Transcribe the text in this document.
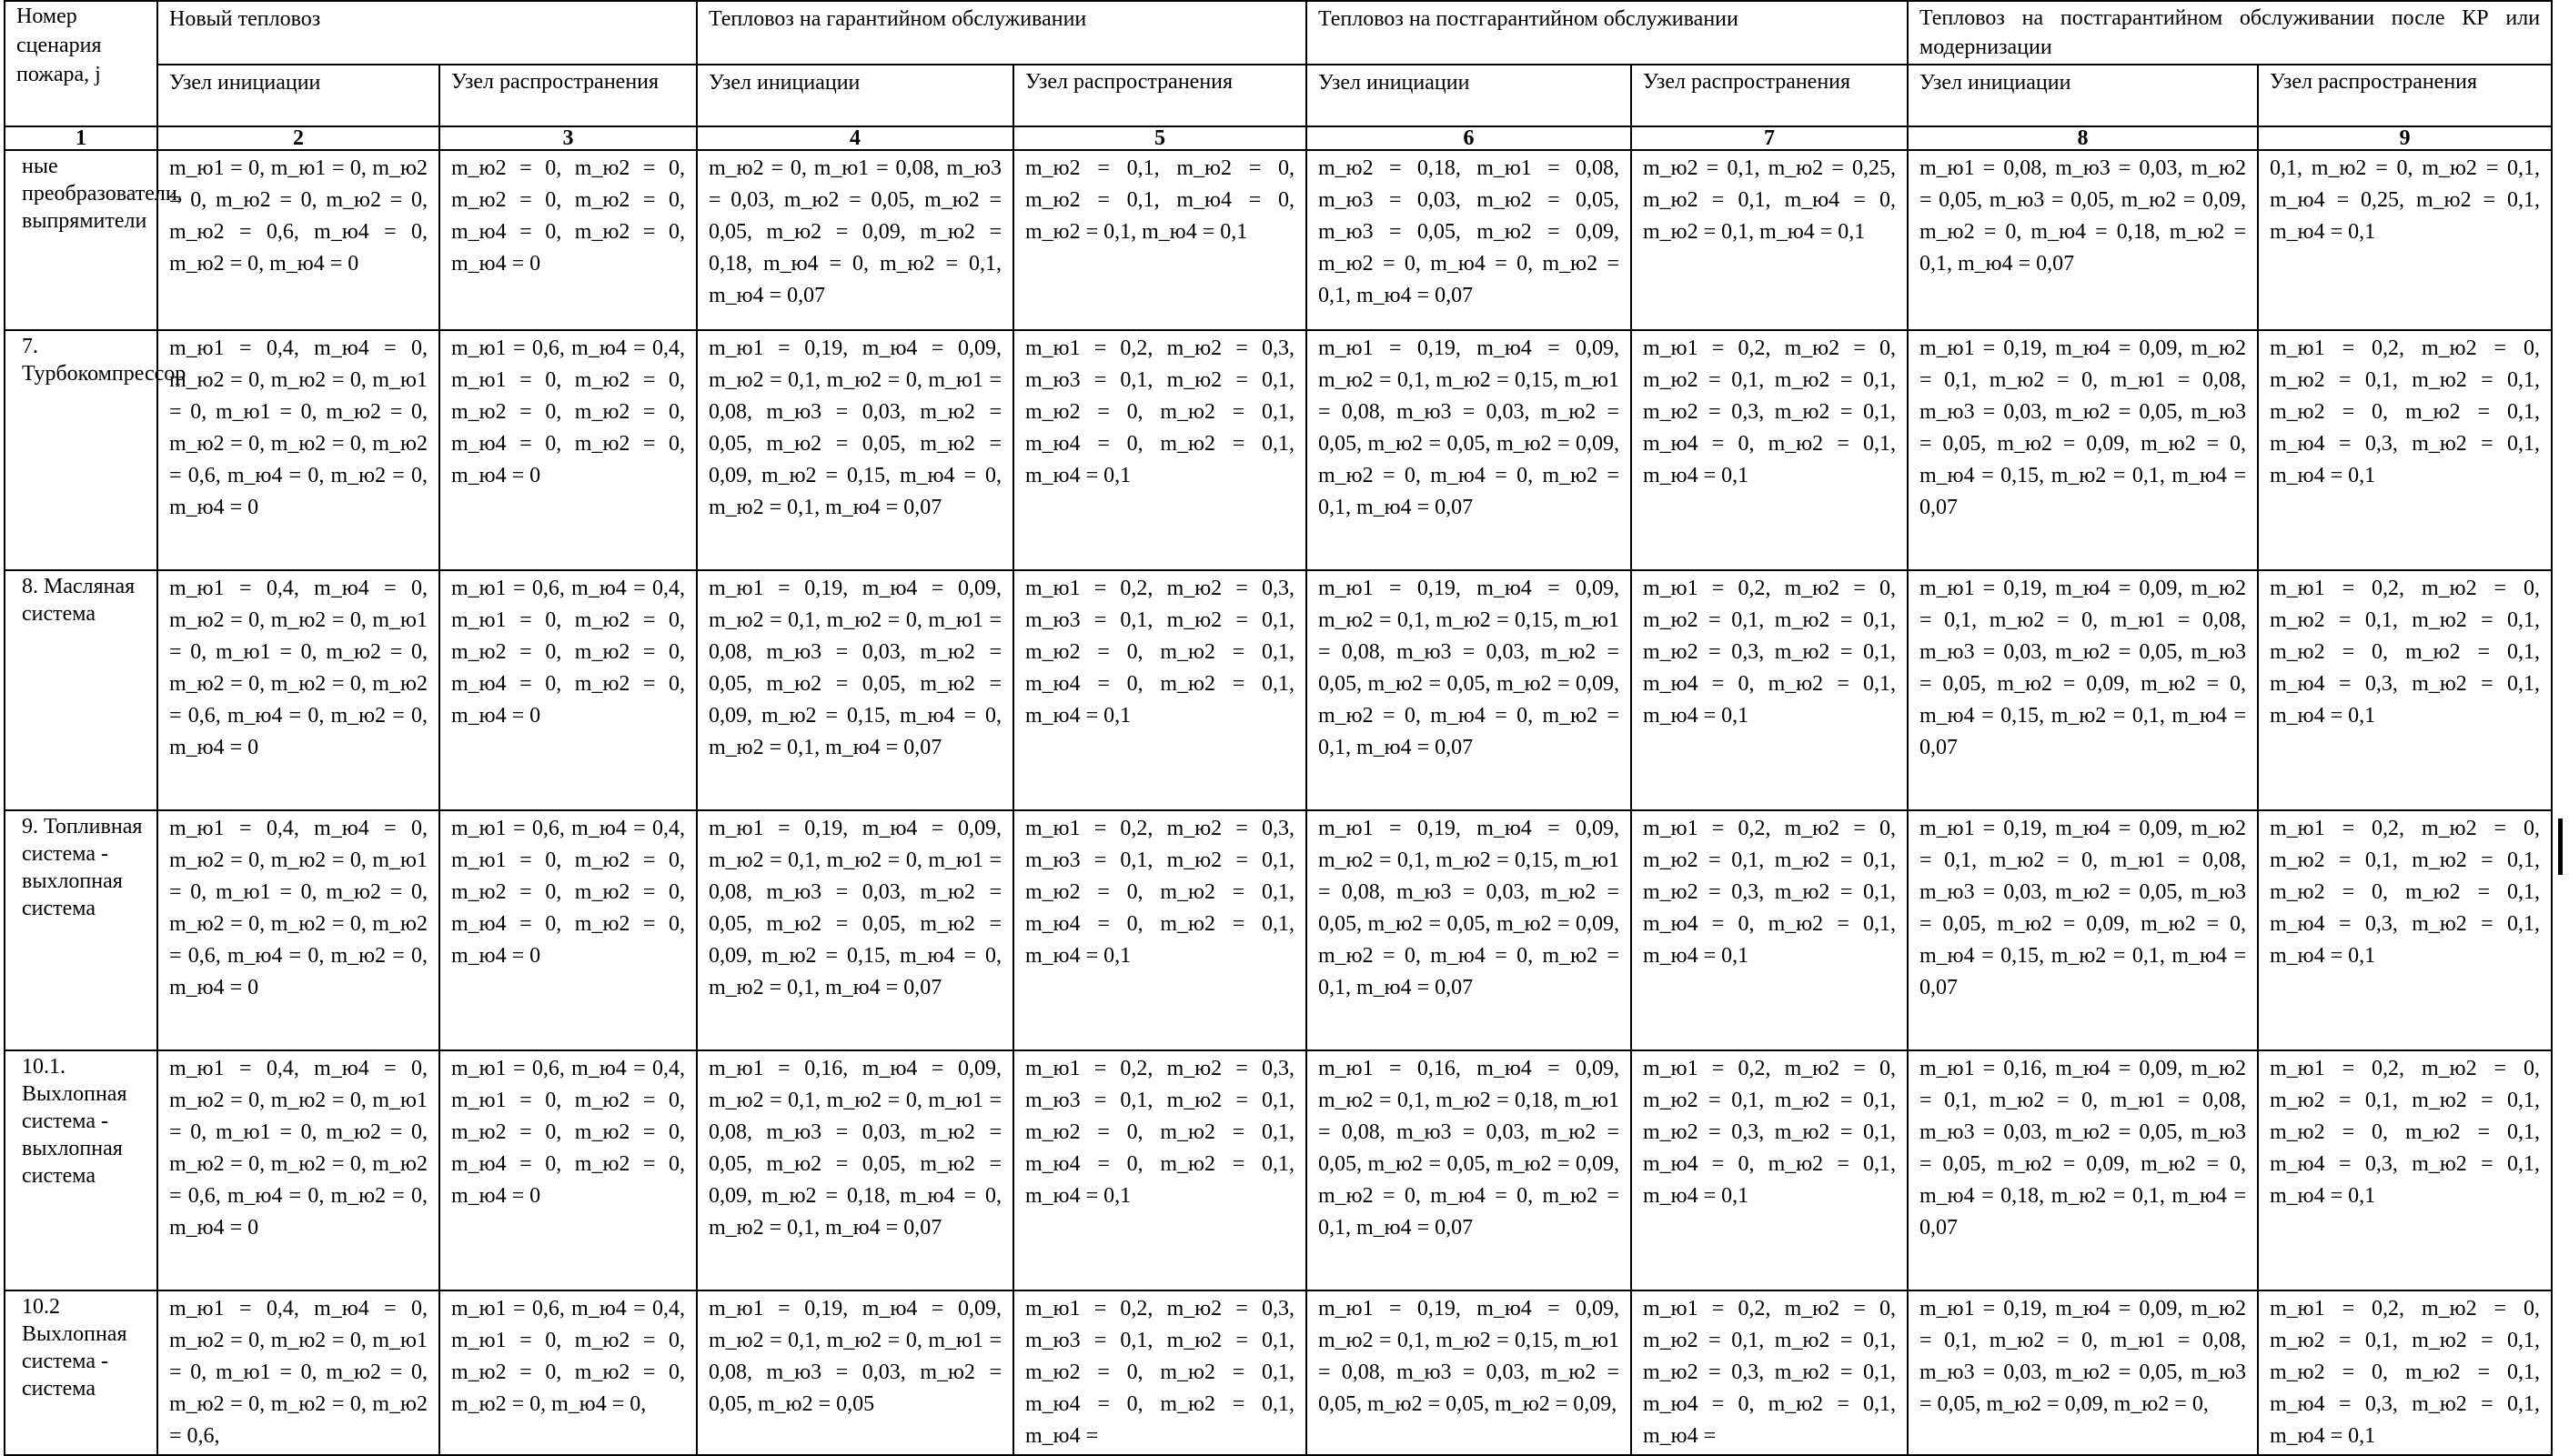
Номер сценария пожара, j	Новый тепловоз		Тепловоз на гарантийном обслуживании		Тепловоз на постгарантийном обслуживании		Тепловоз на постгарантийном обслуживании после КР или модернизации	
	Узел инициации	Узел распространения	Узел инициации	Узел распространения	Узел инициации	Узел распространения	Узел инициации	Узел распространения
1	2	3	4	5	6	7	8	9
ные преобразователи, выпрямители	m_ю1 = 0, m_ю1 = 0, m_ю2 = 0, m_ю2 = 0, m_ю2 = 0, m_ю2 = 0,6, m_ю4 = 0, m_ю2 = 0, m_ю4 = 0	m_ю2 = 0, m_ю2 = 0, m_ю2 = 0, m_ю2 = 0, m_ю4 = 0, m_ю2 = 0, m_ю4 = 0	m_ю2 = 0, m_ю1 = 0,08, m_ю3 = 0,03, m_ю2 = 0,05, m_ю2 = 0,05, m_ю2 = 0,09, m_ю2 = 0,18, m_ю4 = 0, m_ю2 = 0,1, m_ю4 = 0,07	m_ю2 = 0,1, m_ю2 = 0, m_ю2 = 0,1, m_ю4 = 0, m_ю2 = 0,1, m_ю4 = 0,1	m_ю2 = 0,18, m_ю1 = 0,08, m_ю3 = 0,03, m_ю2 = 0,05, m_ю3 = 0,05, m_ю2 = 0,09, m_ю2 = 0, m_ю4 = 0, m_ю2 = 0,1, m_ю4 = 0,07	m_ю2 = 0,1, m_ю2 = 0,25, m_ю2 = 0,1, m_ю4 = 0, m_ю2 = 0,1, m_ю4 = 0,1	m_ю1 = 0,08, m_ю3 = 0,03, m_ю2 = 0,05, m_ю3 = 0,05, m_ю2 = 0,09, m_ю2 = 0, m_ю4 = 0,18, m_ю2 = 0,1, m_ю4 = 0,07	0,1, m_ю2 = 0, m_ю2 = 0,1, m_ю4 = 0,25, m_ю2 = 0,1, m_ю4 = 0,1
7. Турбокомпрессор	m_ю1 = 0,4, m_ю4 = 0, m_ю2 = 0, m_ю2 = 0, m_ю1 = 0, m_ю1 = 0, m_ю2 = 0, m_ю2 = 0, m_ю2 = 0, m_ю2 = 0,6, m_ю4 = 0, m_ю2 = 0, m_ю4 = 0	m_ю1 = 0,6, m_ю4 = 0,4, m_ю1 = 0, m_ю2 = 0, m_ю2 = 0, m_ю2 = 0, m_ю4 = 0, m_ю2 = 0, m_ю4 = 0	m_ю1 = 0,19, m_ю4 = 0,09, m_ю2 = 0,1, m_ю2 = 0, m_ю1 = 0,08, m_ю3 = 0,03, m_ю2 = 0,05, m_ю2 = 0,05, m_ю2 = 0,09, m_ю2 = 0,15, m_ю4 = 0, m_ю2 = 0,1, m_ю4 = 0,07	m_ю1 = 0,2, m_ю2 = 0,3, m_ю3 = 0,1, m_ю2 = 0,1, m_ю2 = 0, m_ю2 = 0,1, m_ю4 = 0, m_ю2 = 0,1, m_ю4 = 0,1	m_ю1 = 0,19, m_ю4 = 0,09, m_ю2 = 0,1, m_ю2 = 0,15, m_ю1 = 0,08, m_ю3 = 0,03, m_ю2 = 0,05, m_ю2 = 0,05, m_ю2 = 0,09, m_ю2 = 0, m_ю4 = 0, m_ю2 = 0,1, m_ю4 = 0,07	m_ю1 = 0,2, m_ю2 = 0, m_ю2 = 0,1, m_ю2 = 0,1, m_ю2 = 0,3, m_ю2 = 0,1, m_ю4 = 0, m_ю2 = 0,1, m_ю4 = 0,1	m_ю1 = 0,19, m_ю4 = 0,09, m_ю2 = 0,1, m_ю2 = 0, m_ю1 = 0,08, m_ю3 = 0,03, m_ю2 = 0,05, m_ю3 = 0,05, m_ю2 = 0,09, m_ю2 = 0, m_ю4 = 0,15, m_ю2 = 0,1, m_ю4 = 0,07	m_ю1 = 0,2, m_ю2 = 0, m_ю2 = 0,1, m_ю2 = 0,1, m_ю2 = 0, m_ю2 = 0,1, m_ю4 = 0,3, m_ю2 = 0,1, m_ю4 = 0,1
8. Масляная система	m_ю1 = 0,4, m_ю4 = 0, m_ю2 = 0, m_ю2 = 0, m_ю1 = 0, m_ю1 = 0, m_ю2 = 0, m_ю2 = 0, m_ю2 = 0, m_ю2 = 0,6, m_ю4 = 0, m_ю2 = 0, m_ю4 = 0	m_ю1 = 0,6, m_ю4 = 0,4, m_ю1 = 0, m_ю2 = 0, m_ю2 = 0, m_ю2 = 0, m_ю4 = 0, m_ю2 = 0, m_ю4 = 0	m_ю1 = 0,19, m_ю4 = 0,09, m_ю2 = 0,1, m_ю2 = 0, m_ю1 = 0,08, m_ю3 = 0,03, m_ю2 = 0,05, m_ю2 = 0,05, m_ю2 = 0,09, m_ю2 = 0,15, m_ю4 = 0, m_ю2 = 0,1, m_ю4 = 0,07	m_ю1 = 0,2, m_ю2 = 0,3, m_ю3 = 0,1, m_ю2 = 0,1, m_ю2 = 0, m_ю2 = 0,1, m_ю4 = 0, m_ю2 = 0,1, m_ю4 = 0,1	m_ю1 = 0,19, m_ю4 = 0,09, m_ю2 = 0,1, m_ю2 = 0,15, m_ю1 = 0,08, m_ю3 = 0,03, m_ю2 = 0,05, m_ю2 = 0,05, m_ю2 = 0,09, m_ю2 = 0, m_ю4 = 0, m_ю2 = 0,1, m_ю4 = 0,07	m_ю1 = 0,2, m_ю2 = 0, m_ю2 = 0,1, m_ю2 = 0,1, m_ю2 = 0,3, m_ю2 = 0,1, m_ю4 = 0, m_ю2 = 0,1, m_ю4 = 0,1	m_ю1 = 0,19, m_ю4 = 0,09, m_ю2 = 0,1, m_ю2 = 0, m_ю1 = 0,08, m_ю3 = 0,03, m_ю2 = 0,05, m_ю3 = 0,05, m_ю2 = 0,09, m_ю2 = 0, m_ю4 = 0,15, m_ю2 = 0,1, m_ю4 = 0,07	m_ю1 = 0,2, m_ю2 = 0, m_ю2 = 0,1, m_ю2 = 0,1, m_ю2 = 0, m_ю2 = 0,1, m_ю4 = 0,3, m_ю2 = 0,1, m_ю4 = 0,1
9. Топливная система - выхлопная система	m_ю1 = 0,4, m_ю4 = 0, m_ю2 = 0, m_ю2 = 0, m_ю1 = 0, m_ю1 = 0, m_ю2 = 0, m_ю2 = 0, m_ю2 = 0, m_ю2 = 0,6, m_ю4 = 0, m_ю2 = 0, m_ю4 = 0	m_ю1 = 0,6, m_ю4 = 0,4, m_ю1 = 0, m_ю2 = 0, m_ю2 = 0, m_ю2 = 0, m_ю4 = 0, m_ю2 = 0, m_ю4 = 0	m_ю1 = 0,19, m_ю4 = 0,09, m_ю2 = 0,1, m_ю2 = 0, m_ю1 = 0,08, m_ю3 = 0,03, m_ю2 = 0,05, m_ю2 = 0,05, m_ю2 = 0,09, m_ю2 = 0,15, m_ю4 = 0, m_ю2 = 0,1, m_ю4 = 0,07	m_ю1 = 0,2, m_ю2 = 0,3, m_ю3 = 0,1, m_ю2 = 0,1, m_ю2 = 0, m_ю2 = 0,1, m_ю4 = 0, m_ю2 = 0,1, m_ю4 = 0,1	m_ю1 = 0,19, m_ю4 = 0,09, m_ю2 = 0,1, m_ю2 = 0,15, m_ю1 = 0,08, m_ю3 = 0,03, m_ю2 = 0,05, m_ю2 = 0,05, m_ю2 = 0,09, m_ю2 = 0, m_ю4 = 0, m_ю2 = 0,1, m_ю4 = 0,07	m_ю1 = 0,2, m_ю2 = 0, m_ю2 = 0,1, m_ю2 = 0,1, m_ю2 = 0,3, m_ю2 = 0,1, m_ю4 = 0, m_ю2 = 0,1, m_ю4 = 0,1	m_ю1 = 0,19, m_ю4 = 0,09, m_ю2 = 0,1, m_ю2 = 0, m_ю1 = 0,08, m_ю3 = 0,03, m_ю2 = 0,05, m_ю3 = 0,05, m_ю2 = 0,09, m_ю2 = 0, m_ю4 = 0,15, m_ю2 = 0,1, m_ю4 = 0,07	m_ю1 = 0,2, m_ю2 = 0, m_ю2 = 0,1, m_ю2 = 0,1, m_ю2 = 0, m_ю2 = 0,1, m_ю4 = 0,3, m_ю2 = 0,1, m_ю4 = 0,1
10.1. Выхлопная система - выхлопная система	m_ю1 = 0,4, m_ю4 = 0, m_ю2 = 0, m_ю2 = 0, m_ю1 = 0, m_ю1 = 0, m_ю2 = 0, m_ю2 = 0, m_ю2 = 0, m_ю2 = 0,6, m_ю4 = 0, m_ю2 = 0, m_ю4 = 0	m_ю1 = 0,6, m_ю4 = 0,4, m_ю1 = 0, m_ю2 = 0, m_ю2 = 0, m_ю2 = 0, m_ю4 = 0, m_ю2 = 0, m_ю4 = 0	m_ю1 = 0,16, m_ю4 = 0,09, m_ю2 = 0,1, m_ю2 = 0, m_ю1 = 0,08, m_ю3 = 0,03, m_ю2 = 0,05, m_ю2 = 0,05, m_ю2 = 0,09, m_ю2 = 0,18, m_ю4 = 0, m_ю2 = 0,1, m_ю4 = 0,07	m_ю1 = 0,2, m_ю2 = 0,3, m_ю3 = 0,1, m_ю2 = 0,1, m_ю2 = 0, m_ю2 = 0,1, m_ю4 = 0, m_ю2 = 0,1, m_ю4 = 0,1	m_ю1 = 0,16, m_ю4 = 0,09, m_ю2 = 0,1, m_ю2 = 0,18, m_ю1 = 0,08, m_ю3 = 0,03, m_ю2 = 0,05, m_ю2 = 0,05, m_ю2 = 0,09, m_ю2 = 0, m_ю4 = 0, m_ю2 = 0,1, m_ю4 = 0,07	m_ю1 = 0,2, m_ю2 = 0, m_ю2 = 0,1, m_ю2 = 0,1, m_ю2 = 0,3, m_ю2 = 0,1, m_ю4 = 0, m_ю2 = 0,1, m_ю4 = 0,1	m_ю1 = 0,16, m_ю4 = 0,09, m_ю2 = 0,1, m_ю2 = 0, m_ю1 = 0,08, m_ю3 = 0,03, m_ю2 = 0,05, m_ю3 = 0,05, m_ю2 = 0,09, m_ю2 = 0, m_ю4 = 0,18, m_ю2 = 0,1, m_ю4 = 0,07	m_ю1 = 0,2, m_ю2 = 0, m_ю2 = 0,1, m_ю2 = 0,1, m_ю2 = 0, m_ю2 = 0,1, m_ю4 = 0,3, m_ю2 = 0,1, m_ю4 = 0,1
10.2 Выхлопная система - система	m_ю1 = 0,4, m_ю4 = 0, m_ю2 = 0, m_ю2 = 0, m_ю1 = 0, m_ю1 = 0, m_ю2 = 0, m_ю2 = 0, m_ю2 = 0, m_ю2 = 0,6,	m_ю1 = 0,6, m_ю4 = 0,4, m_ю1 = 0, m_ю2 = 0, m_ю2 = 0, m_ю2 = 0, m_ю2 = 0, m_ю4 = 0,	m_ю1 = 0,19, m_ю4 = 0,09, m_ю2 = 0,1, m_ю2 = 0, m_ю1 = 0,08, m_ю3 = 0,03, m_ю2 = 0,05, m_ю2 = 0,05	m_ю1 = 0,2, m_ю2 = 0,3, m_ю3 = 0,1, m_ю2 = 0,1, m_ю2 = 0, m_ю2 = 0,1, m_ю4 = 0, m_ю2 = 0,1, m_ю4 =	m_ю1 = 0,19, m_ю4 = 0,09, m_ю2 = 0,1, m_ю2 = 0,15, m_ю1 = 0,08, m_ю3 = 0,03, m_ю2 = 0,05, m_ю2 = 0,05, m_ю2 = 0,09,	m_ю1 = 0,2, m_ю2 = 0, m_ю2 = 0,1, m_ю2 = 0,1, m_ю2 = 0,3, m_ю2 = 0,1, m_ю4 = 0, m_ю2 = 0,1, m_ю4 =	m_ю1 = 0,19, m_ю4 = 0,09, m_ю2 = 0,1, m_ю2 = 0, m_ю1 = 0,08, m_ю3 = 0,03, m_ю2 = 0,05, m_ю3 = 0,05, m_ю2 = 0,09, m_ю2 = 0,	m_ю1 = 0,2, m_ю2 = 0, m_ю2 = 0,1, m_ю2 = 0,1, m_ю2 = 0, m_ю2 = 0,1, m_ю4 = 0,3, m_ю2 = 0,1, m_ю4 = 0,1
